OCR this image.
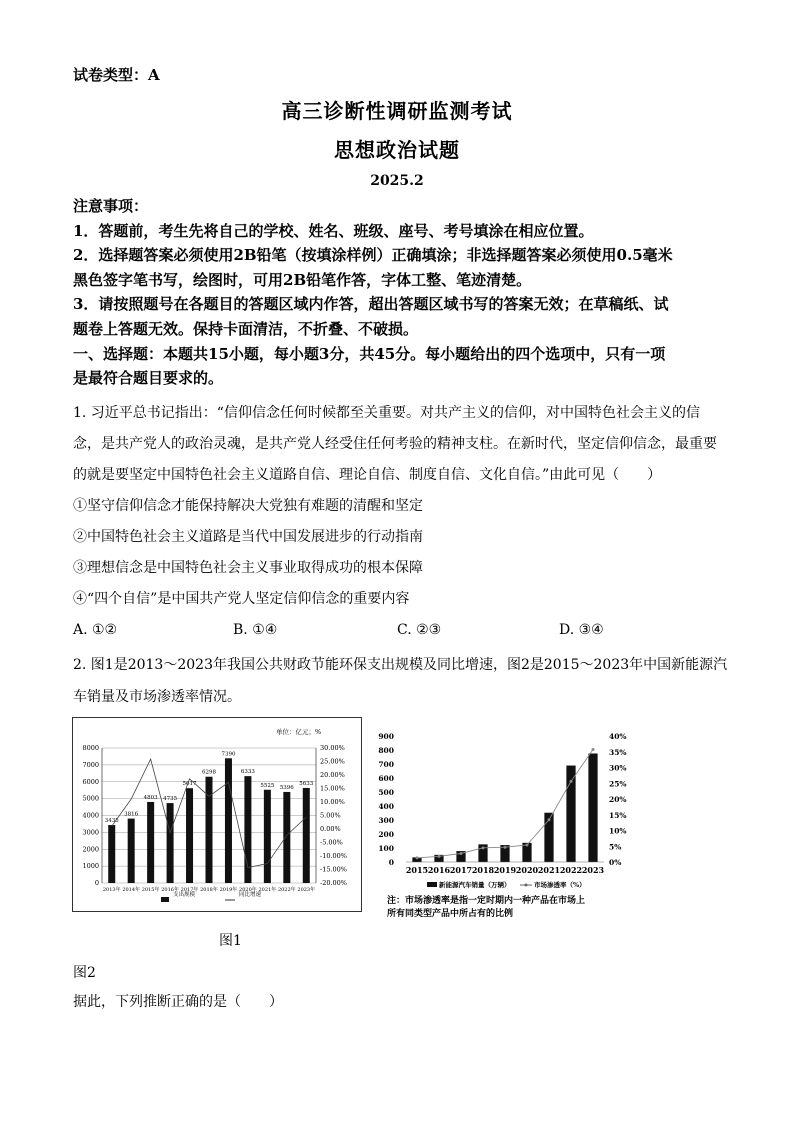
试卷类型：A
高三诊断性调研监测考试
思想政治试题
2025.2
注意事项：
1．答题前，考生先将自己的学校、姓名、班级、座号、考号填涂在相应位置。
2．选择题答案必须使用2B铅笔（按填涂样例）正确填涂；非选择题答案必须使用0.5毫米
黑色签字笔书写，绘图时，可用2B铅笔作答，字体工整、笔迹清楚。
3．请按照题号在各题目的答题区域内作答，超出答题区域书写的答案无效；在草稿纸、试
题卷上答题无效。保持卡面清洁，不折叠、不破损。
一、选择题：本题共15小题，每小题3分，共45分。每小题给出的四个选项中，只有一项
是最符合题目要求的。
1. 习近平总书记指出：“信仰信念任何时候都至关重要。对共产主义的信仰，对中国特色社会主义的信
念，是共产党人的政治灵魂，是共产党人经受住任何考验的精神支柱。在新时代，坚定信仰信念，最重要
的就是要坚定中国特色社会主义道路自信、理论自信、制度自信、文化自信。”由此可见（　　）
①坚守信仰信念才能保持解决大党独有难题的清醒和坚定
②中国特色社会主义道路是当代中国发展进步的行动指南
③理想信念是中国特色社会主义事业取得成功的根本保障
④“四个自信”是中国共产党人坚定信仰信念的重要内容
A. ①②	B. ①④	C. ②③	D. ③④
2. 图1是2013～2023年我国公共财政节能环保支出规模及同比增速，图2是2015～2023年中国新能源汽
车销量及市场渗透率情况。
单位：亿元；%
3435
3816
4803 4735
5617
6298
7390
6333
5525 5396
5633
0
1000
2000
3000
4000
5000
6000
7000
8000
-20.00%
-15.00%
-10.00%
-5.00%
0.00%
5.00%
10.00%
15.00%
20.00%
25.00%
30.00%
2013年 2014年 2015年 2016年 2017年 2018年 2019年 2020年 2021年 2022年 2023年
支出规模	同比增速
0
100
200
300
400
500
600
700
800
900
0%
5%
10%
15%
20%
25%
30%
35%
40%
2015 2016 2017 2018 2019 2020 2021 2022 2023
新能源汽车销量（万辆）	市场渗透率（%）
注：市场渗透率是指一定时期内一种产品在市场上
所有同类型产品中所占有的比例
图1
图2
据此，下列推断正确的是（　　）
